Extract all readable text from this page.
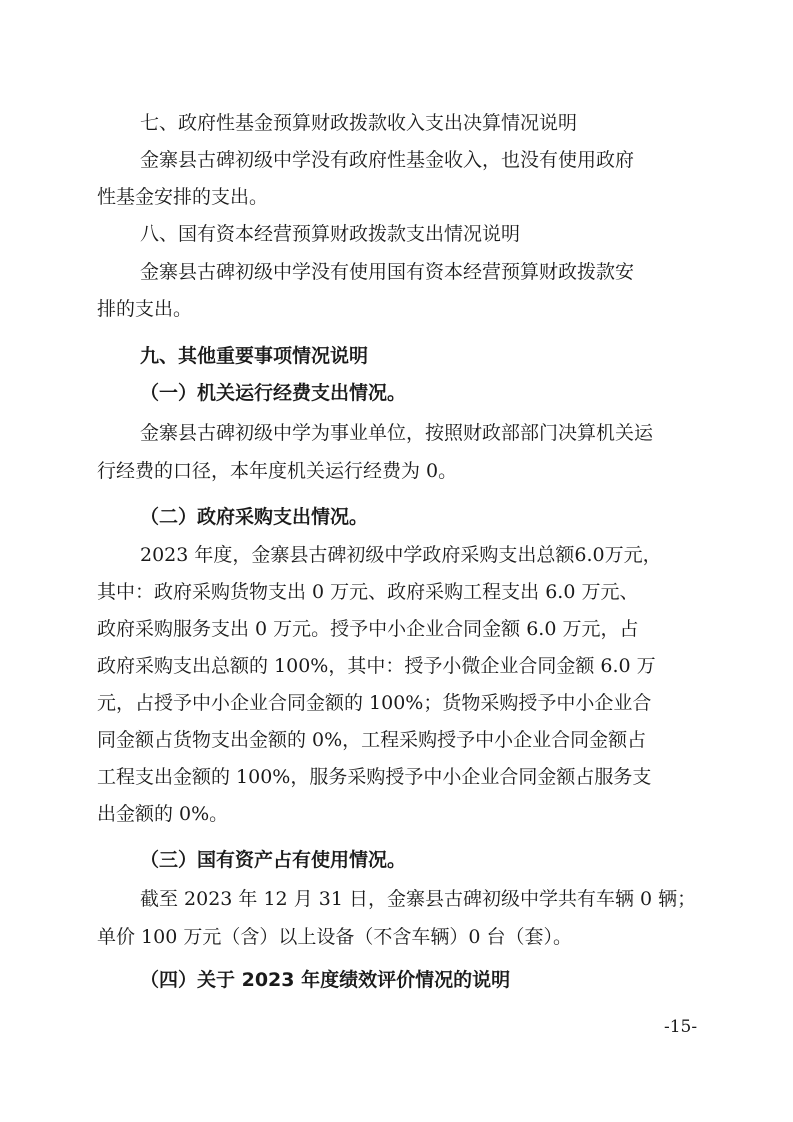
七、政府性基金预算财政拨款收入支出决算情况说明
金寨县古碑初级中学没有政府性基金收入，也没有使用政府
性基金安排的支出。
八、国有资本经营预算财政拨款支出情况说明
金寨县古碑初级中学没有使用国有资本经营预算财政拨款安
排的支出。
九、其他重要事项情况说明
（一）机关运行经费支出情况。
金寨县古碑初级中学为事业单位，按照财政部部门决算机关运
行经费的口径，本年度机关运行经费为 0。
（二）政府采购支出情况。
2023 年度，金寨县古碑初级中学政府采购支出总额6.0万元，
其中：政府采购货物支出 0 万元、政府采购工程支出 6.0 万元、
政府采购服务支出 0 万元。授予中小企业合同金额 6.0 万元，占
政府采购支出总额的 100%，其中：授予小微企业合同金额 6.0 万
元，占授予中小企业合同金额的 100%；货物采购授予中小企业合
同金额占货物支出金额的 0%，工程采购授予中小企业合同金额占
工程支出金额的 100%，服务采购授予中小企业合同金额占服务支
出金额的 0%。
（三）国有资产占有使用情况。
截至 2023 年 12 月 31 日，金寨县古碑初级中学共有车辆 0 辆；
单价 100 万元（含）以上设备（不含车辆）0 台（套）。
（四）关于 2023 年度绩效评价情况的说明
-15-
